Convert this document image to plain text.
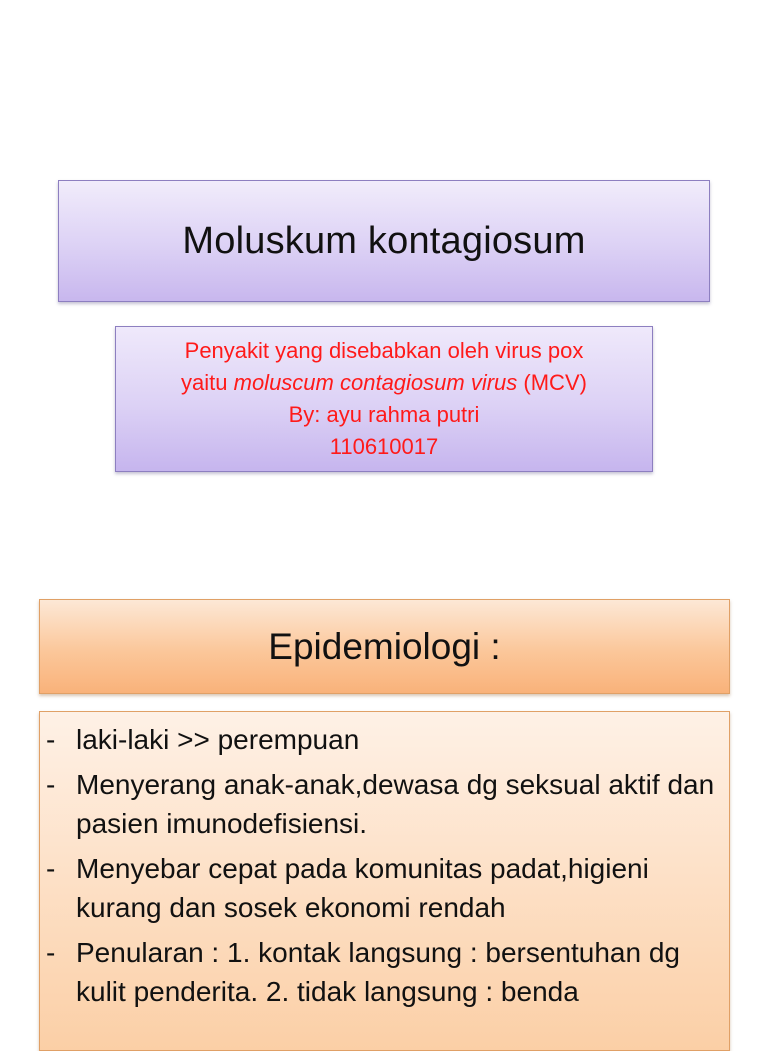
Moluskum kontagiosum
Penyakit yang disebabkan oleh virus pox
yaitu moluscum contagiosum virus (MCV)
By: ayu rahma putri
110610017
Epidemiologi :
- laki-laki >> perempuan
- Menyerang anak-anak,dewasa dg seksual aktif dan pasien imunodefisiensi.
- Menyebar cepat pada komunitas padat,higieni kurang dan sosek ekonomi rendah
- Penularan : 1. kontak langsung : bersentuhan dg kulit penderita. 2. tidak langsung : benda
